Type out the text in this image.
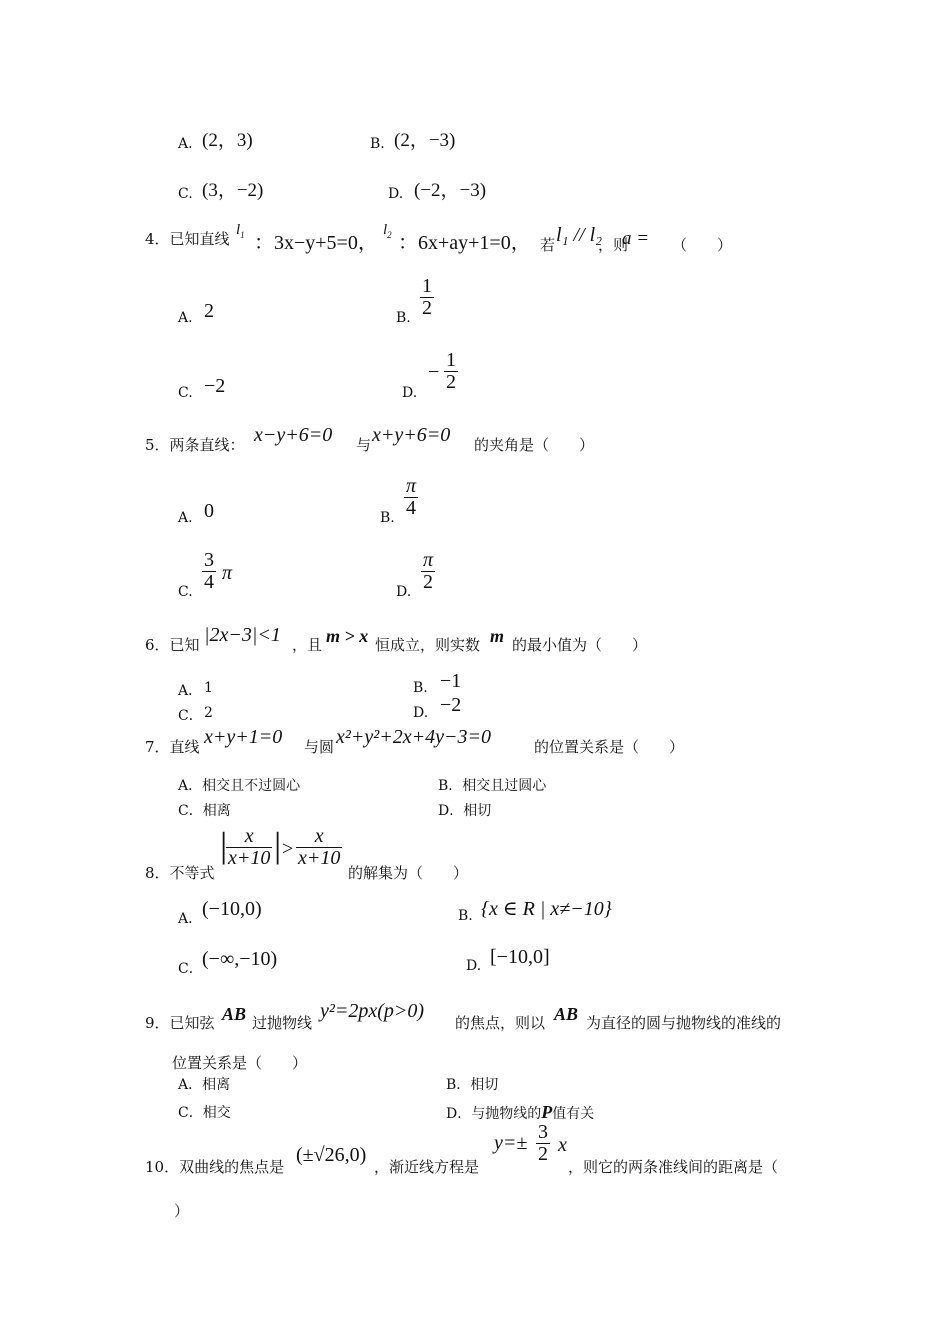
A. (2，3)	B. (2，−3)
C. (3，−2)	D. (−2，−3)
4．已知直线 $l_1$ ：3x−y+5=0，
$l_2$ ：6x+ay+1=0， 若 l₁ // l₂
，则
a = （　　）
A. 2	B. $\frac{1}{2}$
C. −2	D.
− $\frac{1}{2}$
5．两条直线： x−y+6=0 与 x+y+6=0 的夹角是（　　）
A. 0	B. $\frac{\pi}{4}$
C. $\frac{3}{4}$ π
D. $\frac{\pi}{2}$
6．已知 |2x−3|<1 ，且 m > x 恒成立，则实数 m 的最小值为（　　）
A． 1	B. −1
C． 2	D. −2
7．直线 x+y+1=0 与圆 x²+y²+2x+4y−3=0	的位置关系是（　　）
A．相交且不过圆心	B．相交且过圆心
C．相离	D．相切
8．不等式
|
$\frac{x}{x+10}$ | > $\frac{x}{x+10}$
的解集为（　　）
A． (−10,0)	B. {x ∈ R | x≠−10}
C． (−∞,−10)	D. [−10,0]
9．已知弦 AB 过抛物线
y²=2px(p>0)
的焦点，则以 AB 为直径的圆与抛物线的准线的
位置关系是（　　）
A．相离	B．相切
C．相交	D．与抛物线的P值有关
10．双曲线的焦点是
(±√26,0)
，渐近线方程是
$y=\pm \frac{3}{2}$ x
，则它的两条准线间的距离是（
）
